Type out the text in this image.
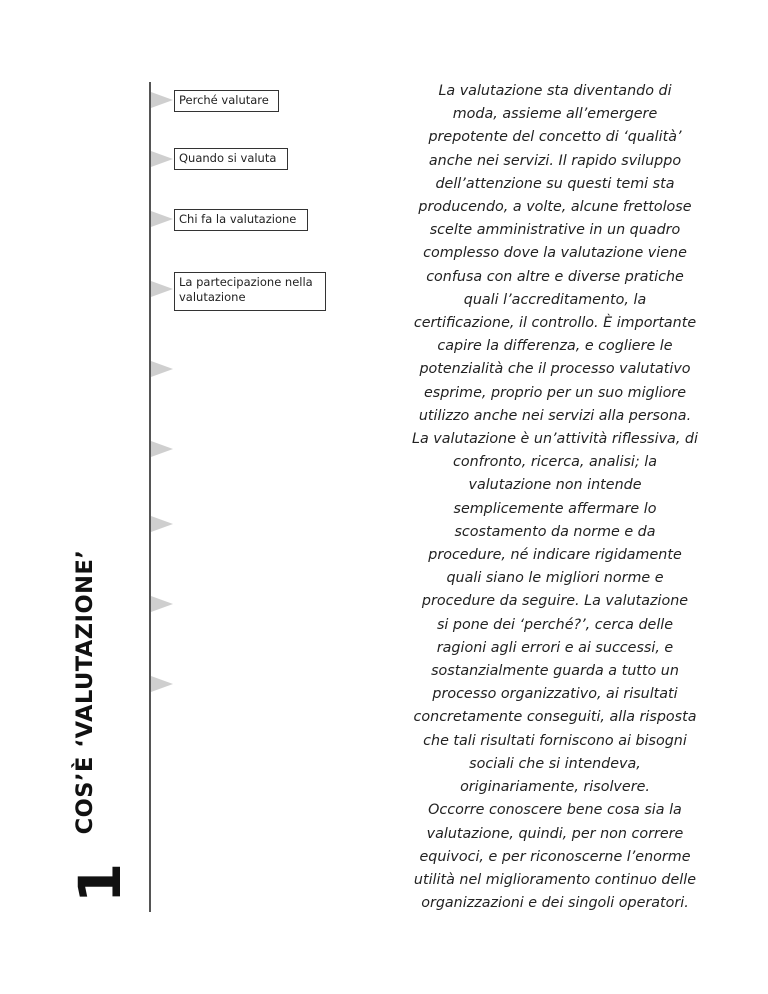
COS’È ‘VALUTAZIONE’
1
Perché valutare
Quando si valuta
Chi fa la valutazione
La partecipazione nella valutazione
La valutazione sta diventando di
moda, assieme all’emergere
prepotente del concetto di ‘qualità’
anche nei servizi. Il rapido sviluppo
dell’attenzione su questi temi sta
producendo, a volte, alcune frettolose
scelte amministrative in un quadro
complesso dove la valutazione viene
confusa con altre e diverse pratiche
quali l’accreditamento, la
certificazione, il controllo. È importante
capire la differenza, e cogliere le
potenzialità che il processo valutativo
esprime, proprio per un suo migliore
utilizzo anche nei servizi alla persona.
La valutazione è un’attività riflessiva, di
confronto, ricerca, analisi; la
valutazione non intende
semplicemente affermare lo
scostamento da norme e da
procedure, né indicare rigidamente
quali siano le migliori norme e
procedure da seguire. La valutazione
si pone dei ‘perché?’, cerca delle
ragioni agli errori e ai successi, e
sostanzialmente guarda a tutto un
processo organizzativo, ai risultati
concretamente conseguiti, alla risposta
che tali risultati forniscono ai bisogni
sociali che si intendeva,
originariamente, risolvere.
Occorre conoscere bene cosa sia la
valutazione, quindi, per non correre
equivoci, e per riconoscerne l’enorme
utilità nel miglioramento continuo delle
organizzazioni e dei singoli operatori.
